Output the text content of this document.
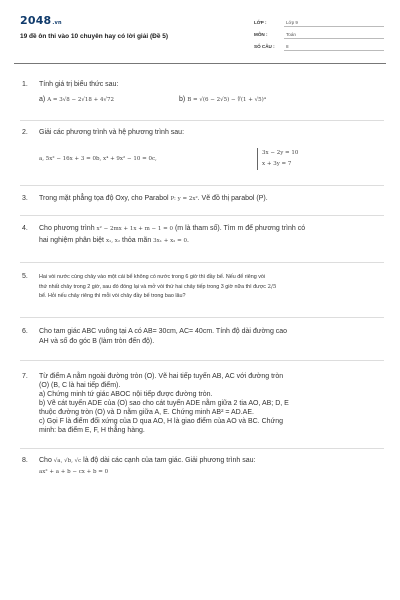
2048.vn
19 đề ôn thi vào 10 chuyên hay có lời giải (Đề 5)
LỚP :	Lớp 9
MÔN :	Toán
SỐ CÂU :	8
1.	Tính giá trị biểu thức sau:
a) A = 3√8 − 2√18 + 4√72	b) B = √(6 − 2√5) − ∜(1 + √5)⁴
2.	Giải các phương trình và hệ phương trình sau:
a, 5x² − 16x + 3 = 0b, x⁴ + 9x² − 10 = 0c,
3x − 2y = 10
x + 3y = 7
3.	Trong mặt phẳng tọa độ Oxy, cho Parabol P: y = 2x². Vẽ đồ thị parabol (P).
4.	Cho phương trình x² − 2mx + 1x + m − 1 = 0 (m là tham số). Tìm m để phương trình có
hai nghiệm phân biệt x₁, x₂ thỏa mãn 3x₁ + x₂ = 0.
5.	Hai vòi nước cùng chảy vào một cái bể không có nước trong 6 giờ thì đầy bể. Nếu để riêng vòi
thứ nhất chảy trong 2 giờ, sau đó đóng lại và mở vòi thứ hai chảy tiếp trong 3 giờ nữa thì được 2/5
bể. Hỏi nếu chảy riêng thì mỗi vòi chảy đầy bể trong bao lâu?
6.	Cho tam giác ABC vuông tại A có AB= 30cm, AC= 40cm. Tính độ dài đường cao
AH và số đo góc B (làm tròn đến độ).
7.	Từ điểm A nằm ngoài đường tròn (O). Vẽ hai tiếp tuyến AB, AC với đường tròn
(O) (B, C là hai tiếp điểm).
a) Chứng minh tứ giác ABOC nội tiếp được đường tròn.
b) Vẽ cát tuyến ADE của (O) sao cho cát tuyến ADE nằm giữa 2 tia AO, AB; D, E
thuộc đường tròn (O) và D nằm giữa A, E. Chứng minh AB² = AD.AE.
c) Gọi F là điểm đối xứng của D qua AO, H là giao điểm của AO và BC. Chứng
minh: ba điểm E, F, H thẳng hàng.
8.	Cho √a, √b, √c là độ dài các cạnh của tam giác. Giải phương trình sau:
ax² + a + b − cx + b = 0
